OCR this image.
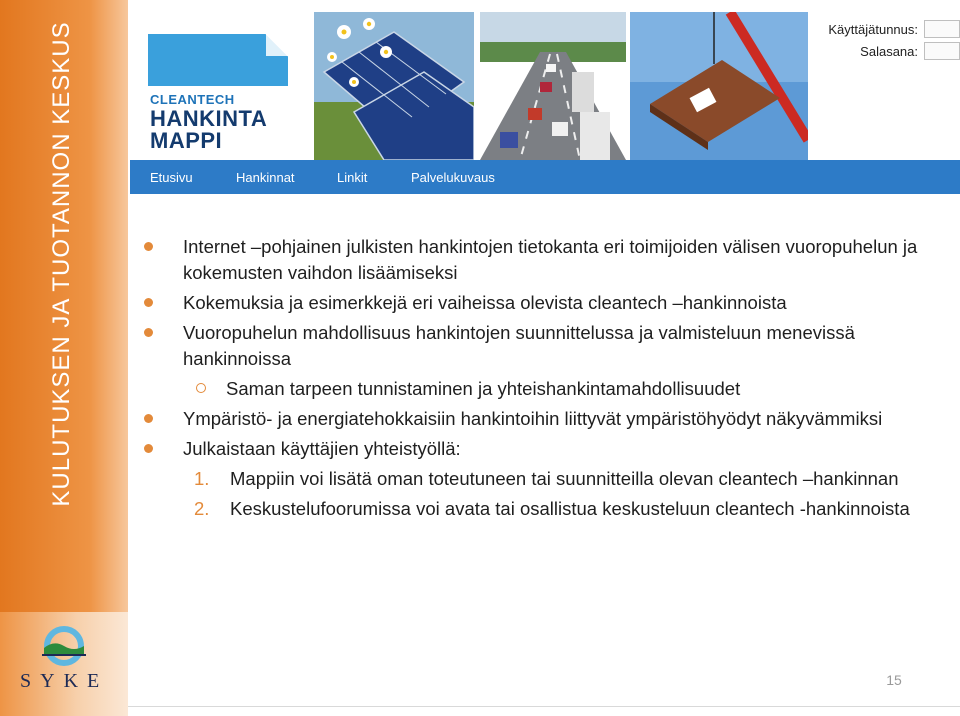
KULUTUKSEN JA TUOTANNON KESKUS
SYKE
CLEANTECH
HANKINTA
MAPPI
Käyttäjätunnus:
Salasana:
Etusivu	Hankinnat	Linkit	Palvelukuvaus
Internet –pohjainen julkisten hankintojen tietokanta eri toimijoiden välisen vuoropuhelun ja kokemusten vaihdon lisäämiseksi
Kokemuksia ja esimerkkejä eri vaiheissa olevista cleantech –hankinnoista
Vuoropuhelun mahdollisuus hankintojen suunnittelussa ja valmisteluun menevissä hankinnoissa
Saman tarpeen tunnistaminen ja yhteishankintamahdollisuudet
Ympäristö- ja energiatehokkaisiin hankintoihin liittyvät ympäristöhyödyt näkyvämmiksi
Julkaistaan käyttäjien yhteistyöllä:
1. Mappiin voi lisätä oman toteutuneen tai suunnitteilla olevan cleantech –hankinnan
2. Keskustelufoorumissa voi avata tai osallistua keskusteluun cleantech -hankinnoista
15
